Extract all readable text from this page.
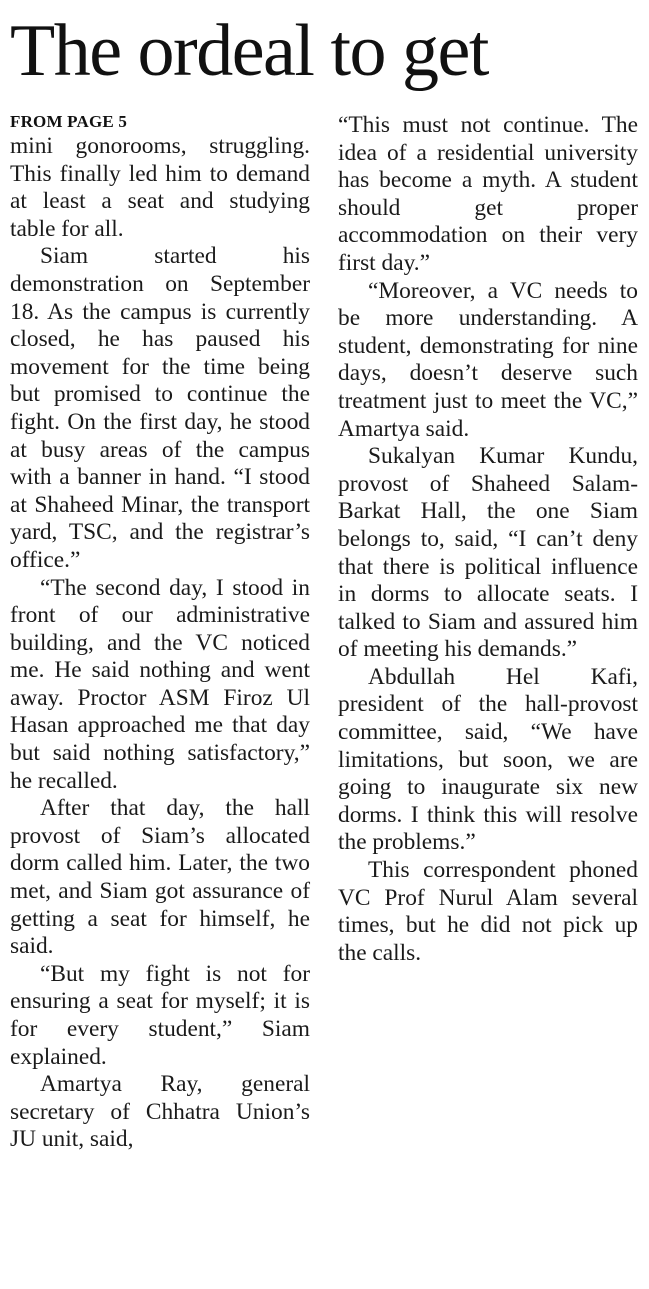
The ordeal to get

FROM PAGE 5

mini gonorooms, struggling. This finally led him to demand at least a seat and studying table for all.

Siam started his demonstration on September 18. As the campus is currently closed, he has paused his movement for the time being but promised to continue the fight. On the first day, he stood at busy areas of the campus with a banner in hand. “I stood at Shaheed Minar, the transport yard, TSC, and the registrar’s office.”

“The second day, I stood in front of our administrative building, and the VC noticed me. He said nothing and went away. Proctor ASM Firoz Ul Hasan approached me that day but said nothing satisfactory,” he recalled.

After that day, the hall provost of Siam’s allocated dorm called him. Later, the two met, and Siam got assurance of getting a seat for himself, he said.

“But my fight is not for ensuring a seat for myself; it is for every student,” Siam explained.

Amartya Ray, general secretary of Chhatra Union’s JU unit, said,

“This must not continue. The idea of a residential university has become a myth. A student should get proper accommodation on their very first day.”

“Moreover, a VC needs to be more understanding. A student, demonstrating for nine days, doesn’t deserve such treatment just to meet the VC,” Amartya said.

Sukalyan Kumar Kundu, provost of Shaheed Salam-Barkat Hall, the one Siam belongs to, said, “I can’t deny that there is political influence in dorms to allocate seats. I talked to Siam and assured him of meeting his demands.”

Abdullah Hel Kafi, president of the hall-provost committee, said, “We have limitations, but soon, we are going to inaugurate six new dorms. I think this will resolve the problems.”

This correspondent phoned VC Prof Nurul Alam several times, but he did not pick up the calls.
